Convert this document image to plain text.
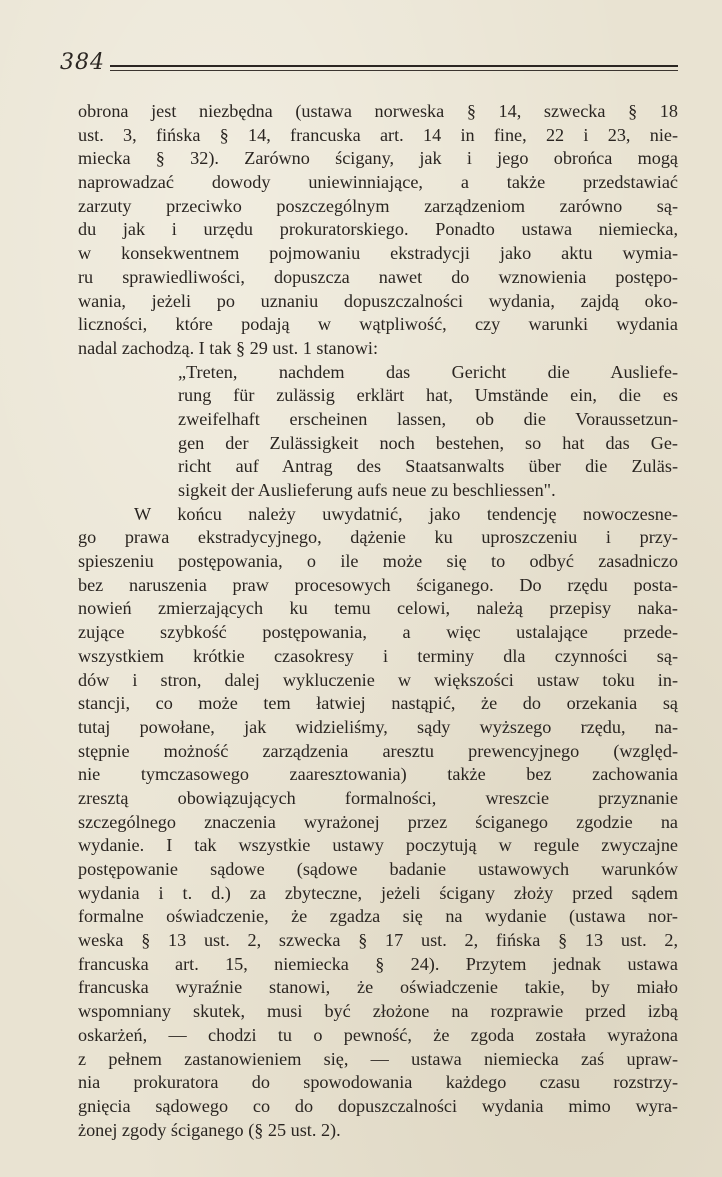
384
obrona jest niezbędna (ustawa norweska § 14, szwecka § 18
ust. 3, fińska § 14, francuska art. 14 in fine, 22 i 23, nie-
miecka § 32). Zarówno ścigany, jak i jego obrońca mogą
naprowadzać dowody uniewinniające, a także przedstawiać
zarzuty przeciwko poszczególnym zarządzeniom zarówno są-
du jak i urzędu prokuratorskiego. Ponadto ustawa niemiecka,
w konsekwentnem pojmowaniu ekstradycji jako aktu wymia-
ru sprawiedliwości, dopuszcza nawet do wznowienia postępo-
wania, jeżeli po uznaniu dopuszczalności wydania, zajdą oko-
liczności, które podają w wątpliwość, czy warunki wydania
nadal zachodzą. I tak § 29 ust. 1 stanowi:
„Treten, nachdem das Gericht die Ausliefe-
rung für zulässig erklärt hat, Umstände ein, die es
zweifelhaft erscheinen lassen, ob die Voraussetzun-
gen der Zulässigkeit noch bestehen, so hat das Ge-
richt auf Antrag des Staatsanwalts über die Zuläs-
sigkeit der Auslieferung aufs neue zu beschliessen".
W końcu należy uwydatnić, jako tendencję nowoczesne-
go prawa ekstradycyjnego, dążenie ku uproszczeniu i przy-
spieszeniu postępowania, o ile może się to odbyć zasadniczo
bez naruszenia praw procesowych ściganego. Do rzędu posta-
nowień zmierzających ku temu celowi, należą przepisy naka-
zujące szybkość postępowania, a więc ustalające przede-
wszystkiem krótkie czasokresy i terminy dla czynności są-
dów i stron, dalej wykluczenie w większości ustaw toku in-
stancji, co może tem łatwiej nastąpić, że do orzekania są
tutaj powołane, jak widzieliśmy, sądy wyższego rzędu, na-
stępnie możność zarządzenia aresztu prewencyjnego (względ-
nie tymczasowego zaaresztowania) także bez zachowania
zresztą obowiązujących formalności, wreszcie przyznanie
szczególnego znaczenia wyrażonej przez ściganego zgodzie na
wydanie. I tak wszystkie ustawy poczytują w regule zwyczajne
postępowanie sądowe (sądowe badanie ustawowych warunków
wydania i t. d.) za zbyteczne, jeżeli ścigany złoży przed sądem
formalne oświadczenie, że zgadza się na wydanie (ustawa nor-
weska § 13 ust. 2, szwecka § 17 ust. 2, fińska § 13 ust. 2,
francuska art. 15, niemiecka § 24). Przytem jednak ustawa
francuska wyraźnie stanowi, że oświadczenie takie, by miało
wspomniany skutek, musi być złożone na rozprawie przed izbą
oskarżeń, — chodzi tu o pewność, że zgoda została wyrażona
z pełnem zastanowieniem się, — ustawa niemiecka zaś upraw-
nia prokuratora do spowodowania każdego czasu rozstrzy-
gnięcia sądowego co do dopuszczalności wydania mimo wyra-
żonej zgody ściganego (§ 25 ust. 2).
